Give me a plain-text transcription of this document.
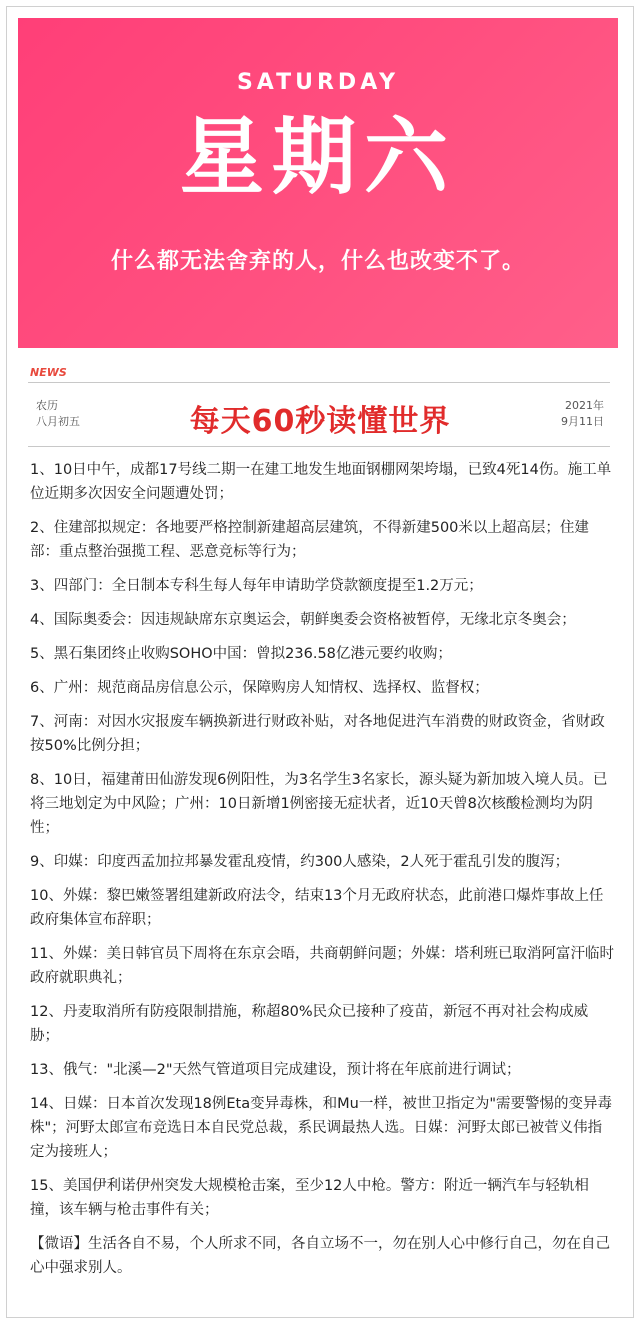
SATURDAY
星期六
什么都无法舍弃的人，什么也改变不了。
NEWS
农历
八月初五	每天60秒读懂世界	2021年
9月11日

1、10日中午，成都17号线二期一在建工地发生地面钢棚网架垮塌，已致4死14伤。施工单位近期多次因安全问题遭处罚；

2、住建部拟规定：各地要严格控制新建超高层建筑，不得新建500米以上超高层；住建部：重点整治强揽工程、恶意竞标等行为；

3、四部门：全日制本专科生每人每年申请助学贷款额度提至1.2万元；

4、国际奥委会：因违规缺席东京奥运会，朝鲜奥委会资格被暂停，无缘北京冬奥会；

5、黑石集团终止收购SOHO中国：曾拟236.58亿港元要约收购；

6、广州：规范商品房信息公示，保障购房人知情权、选择权、监督权；

7、河南：对因水灾报废车辆换新进行财政补贴，对各地促进汽车消费的财政资金，省财政按50%比例分担；

8、10日，福建莆田仙游发现6例阳性，为3名学生3名家长，源头疑为新加坡入境人员。已将三地划定为中风险；广州：10日新增1例密接无症状者，近10天曾8次核酸检测均为阴性；

9、印媒：印度西孟加拉邦暴发霍乱疫情，约300人感染，2人死于霍乱引发的腹泻；

10、外媒：黎巴嫩签署组建新政府法令，结束13个月无政府状态，此前港口爆炸事故上任政府集体宣布辞职；

11、外媒：美日韩官员下周将在东京会晤，共商朝鲜问题；外媒：塔利班已取消阿富汗临时政府就职典礼；

12、丹麦取消所有防疫限制措施，称超80%民众已接种了疫苗，新冠不再对社会构成威胁；

13、俄气："北溪—2"天然气管道项目完成建设，预计将在年底前进行调试；

14、日媒：日本首次发现18例Eta变异毒株，和Mu一样，被世卫指定为"需要警惕的变异毒株"；河野太郎宣布竞选日本自民党总裁，系民调最热人选。日媒：河野太郎已被菅义伟指定为接班人；

15、美国伊利诺伊州突发大规模枪击案，至少12人中枪。警方：附近一辆汽车与轻轨相撞，该车辆与枪击事件有关；

【微语】生活各自不易，个人所求不同，各自立场不一，勿在别人心中修行自己，勿在自己心中强求别人。
